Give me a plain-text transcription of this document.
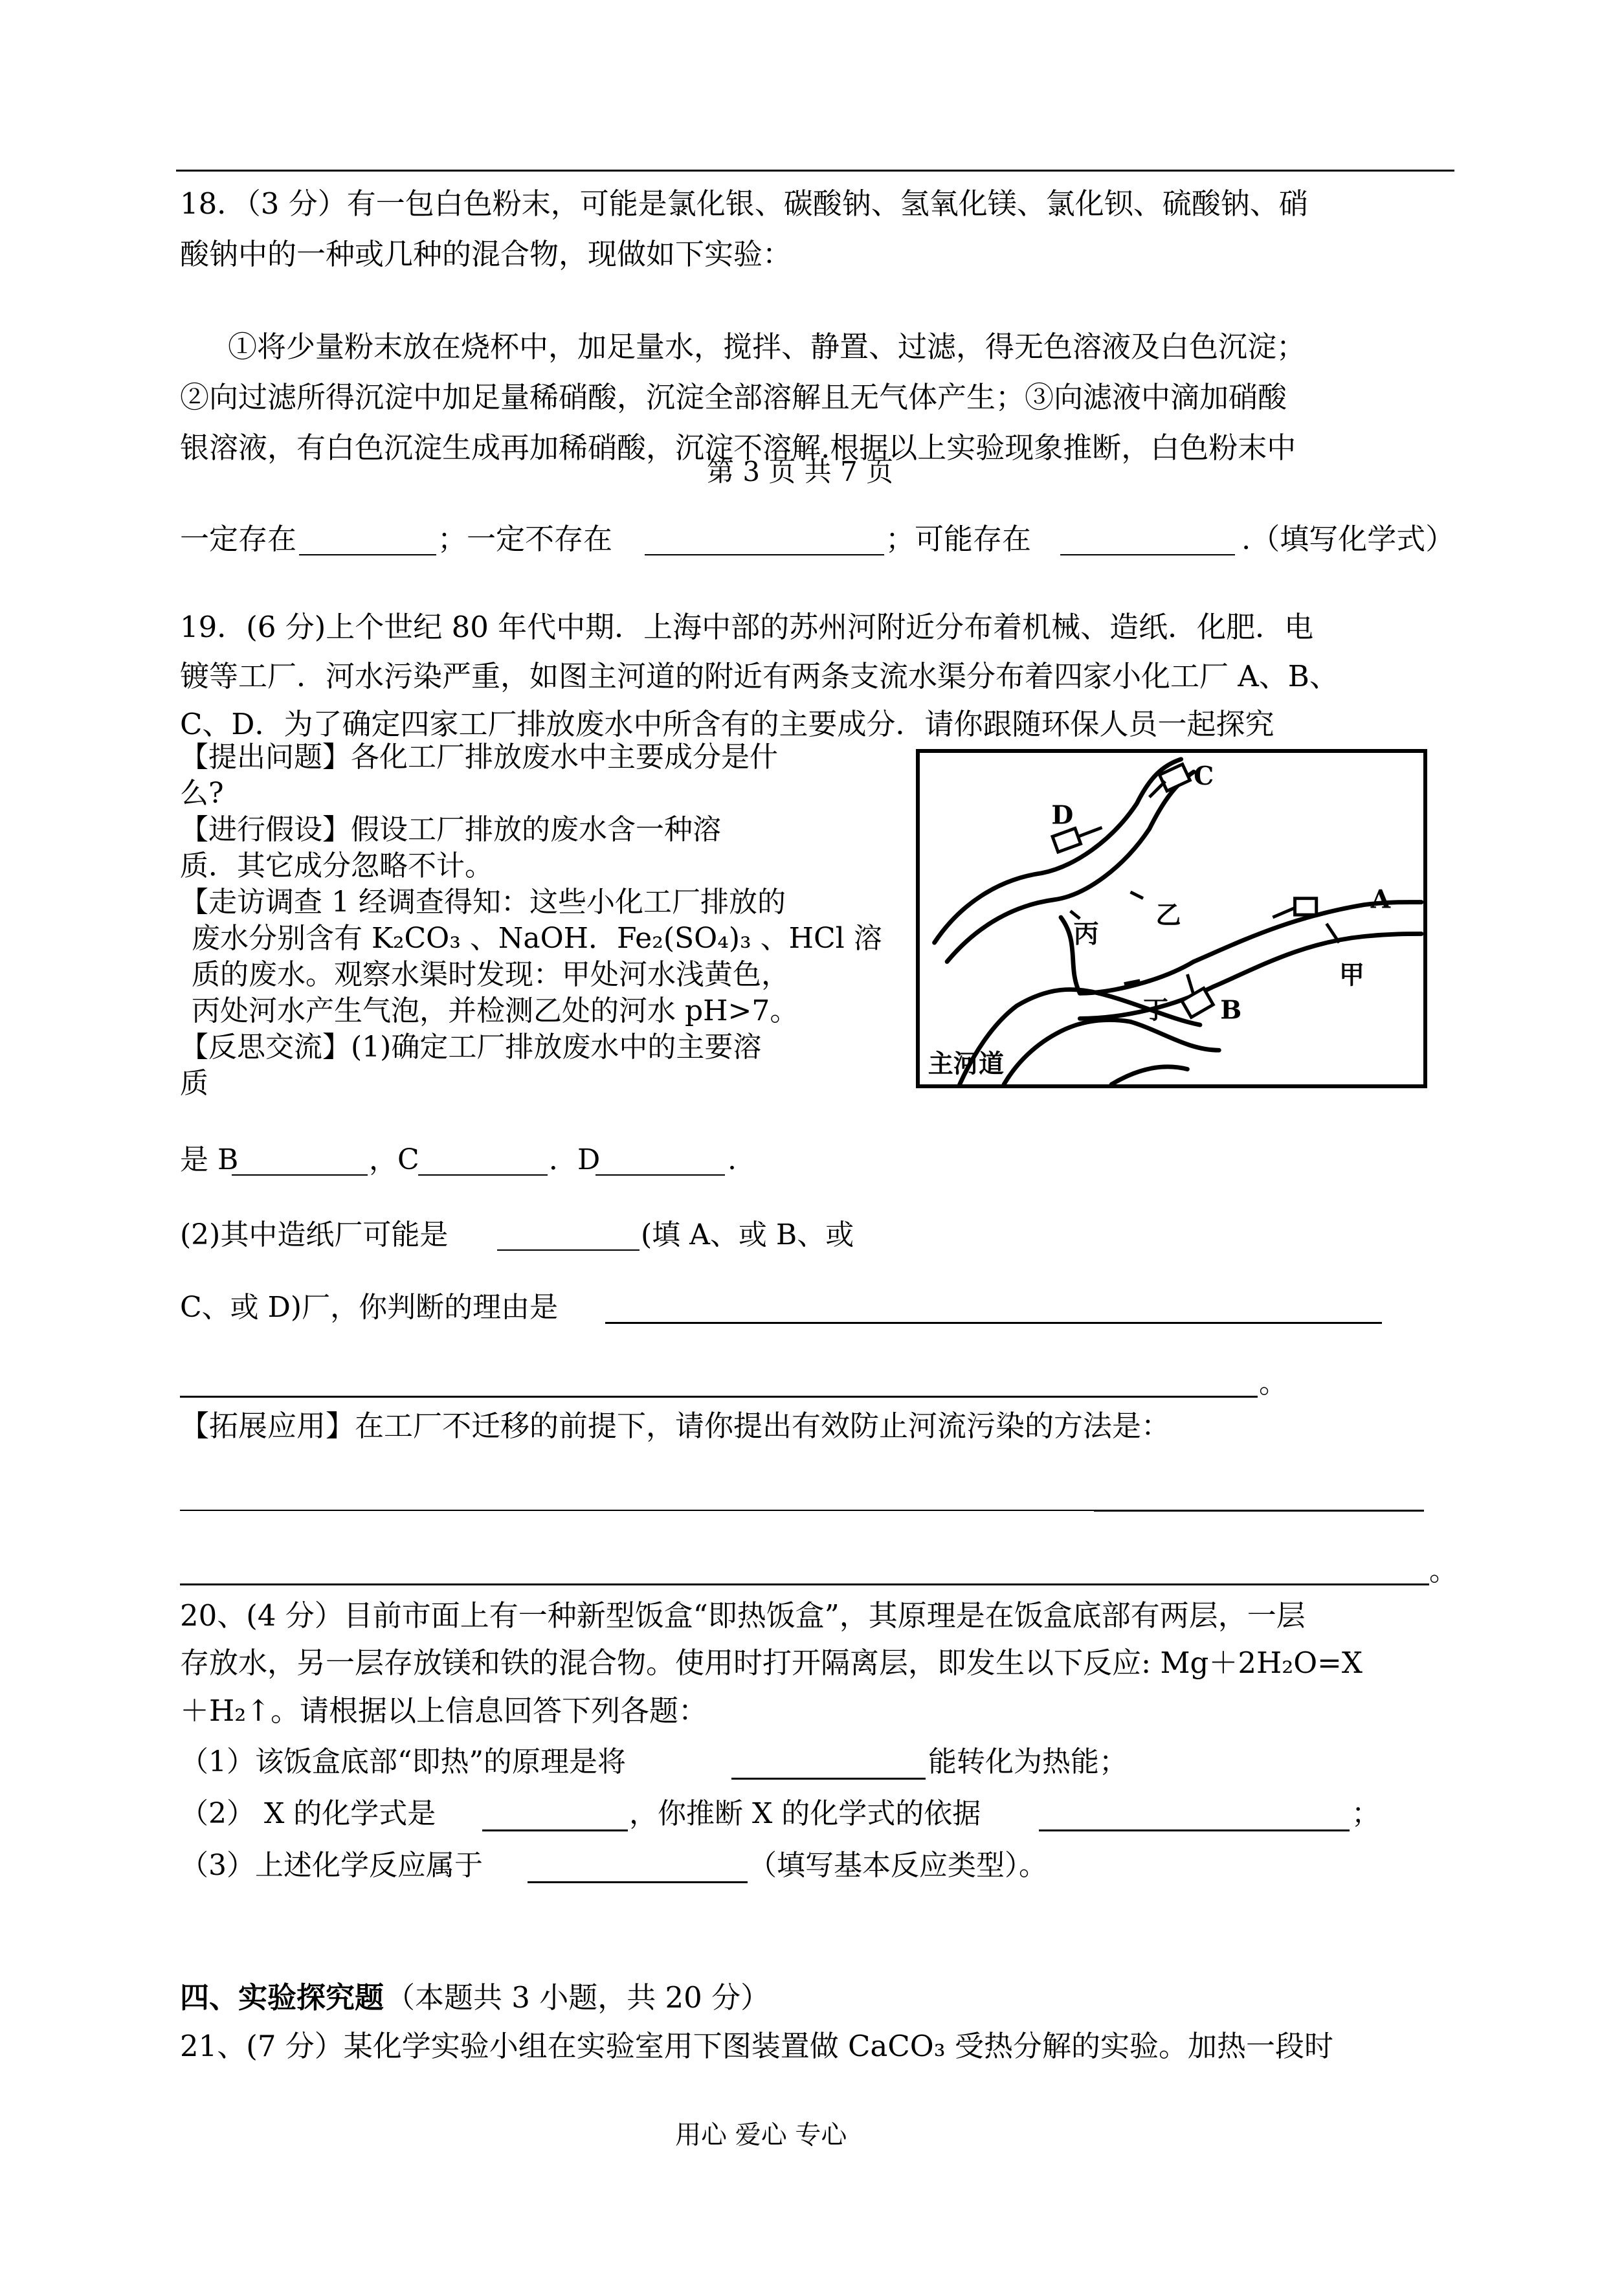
18．（3 分）有一包白色粉末，可能是氯化银、碳酸钠、氢氧化镁、氯化钡、硫酸钠、硝
酸钠中的一种或几种的混合物，现做如下实验：
①将少量粉末放在烧杯中，加足量水，搅拌、静置、过滤，得无色溶液及白色沉淀；
②向过滤所得沉淀中加足量稀硝酸，沉淀全部溶解且无气体产生；③向滤液中滴加硝酸
银溶液，有白色沉淀生成再加稀硝酸，沉淀不溶解.根据以上实验现象推断，白色粉末中
第 3 页 共 7 页
一定存在	；一定不存在	；可能存在	.（填写化学式）
19．(6 分)上个世纪 80 年代中期．上海中部的苏州河附近分布着机械、造纸．化肥．电
镀等工厂．河水污染严重，如图主河道的附近有两条支流水渠分布着四家小化工厂 A、B、
C、D．为了确定四家工厂排放废水中所含有的主要成分．请你跟随环保人员一起探究
【提出问题】各化工厂排放废水中主要成分是什
么?
【进行假设】假设工厂排放的废水含一种溶
质．其它成分忽略不计。
【走访调查 1 经调查得知：这些小化工厂排放的
废水分别含有 K₂CO₃ 、NaOH．Fe₂(SO₄)₃ 、HCl 溶
质的废水。观察水渠时发现：甲处河水浅黄色，
丙处河水产生气泡，并检测乙处的河水 pH>7。
【反思交流】(1)确定工厂排放废水中的主要溶
质
D
C
A
B
甲
乙
丙
丁
主河道
是 B	，C	．D	.
(2)其中造纸厂可能是	(填 A、或 B、或
C、或 D)厂，你判断的理由是
。
【拓展应用】在工厂不迁移的前提下，请你提出有效防止河流污染的方法是：
。
20、(4 分）目前市面上有一种新型饭盒“即热饭盒”，其原理是在饭盒底部有两层，一层
存放水，另一层存放镁和铁的混合物。使用时打开隔离层，即发生以下反应: Mg＋2H₂O=X
＋H₂↑。请根据以上信息回答下列各题：
（1）该饭盒底部“即热”的原理是将	能转化为热能；
（2） X 的化学式是	，你推断 X 的化学式的依据	；
（3）上述化学反应属于	（填写基本反应类型）。
四、实验探究题 （本题共 3 小题，共 20 分）
21、(7 分）某化学实验小组在实验室用下图装置做 CaCO₃ 受热分解的实验。加热一段时
用心 爱心 专心
